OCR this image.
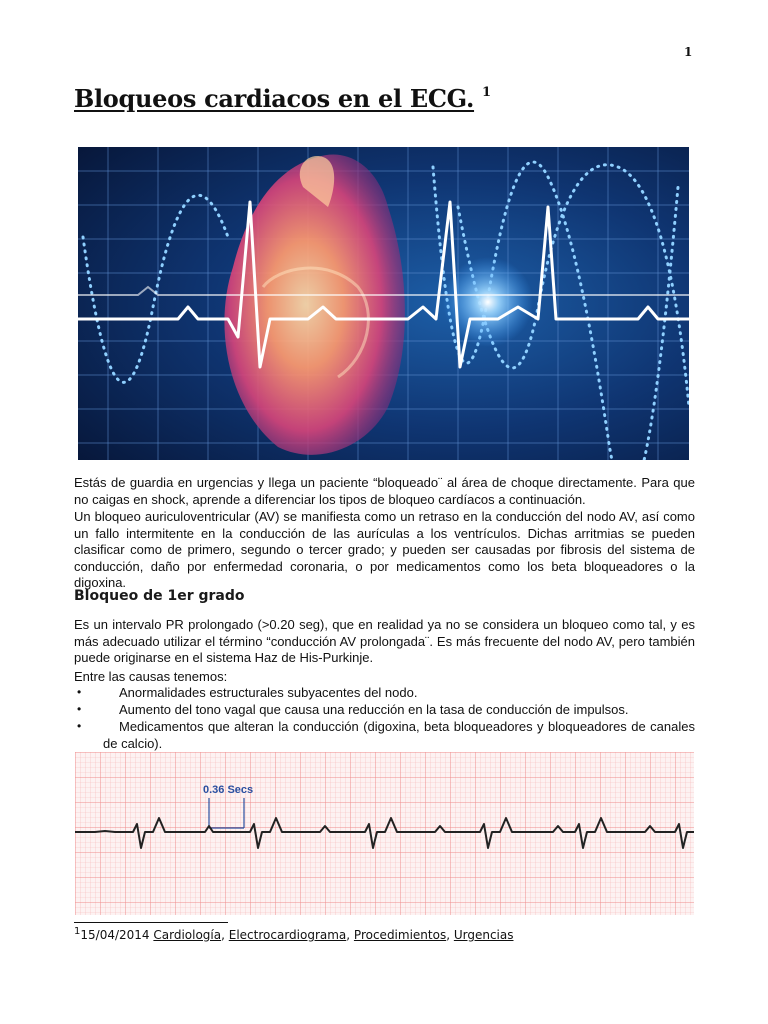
1
Bloqueos cardiacos en el ECG. $^1$

Estás de guardia en urgencias y llega un paciente “bloqueado¨ al área de choque directamente. Para que no caigas en shock, aprende a diferenciar los tipos de bloqueo cardíacos a continuación.

Un bloqueo auriculoventricular (AV) se manifiesta como un retraso en la conducción del nodo AV, así como un fallo intermitente en la conducción de las aurículas a los ventrículos. Dichas arritmias se pueden clasificar como de primero, segundo o tercer grado; y pueden ser causadas por fibrosis del sistema de conducción, daño por enfermedad coronaria, o por medicamentos como los beta bloqueadores o la digoxina.

Bloqueo de 1er grado

Es un intervalo PR prolongado (>0.20 seg), que en realidad ya no se considera un bloqueo como tal, y es más adecuado utilizar el término “conducción AV prolongada¨. Es más frecuente del nodo AV, pero también puede originarse en el sistema Haz de His-Purkinje.

Entre las causas tenemos:

•	Anormalidades estructurales subyacentes del nodo.
•	Aumento del tono vagal que causa una reducción en la tasa de conducción de impulsos.
•	Medicamentos que alteran la conducción (digoxina, beta bloqueadores y bloqueadores de canales de calcio).
0.36 Secs
$^1$15/04/2014 Cardiología, Electrocardiograma, Procedimientos, Urgencias
